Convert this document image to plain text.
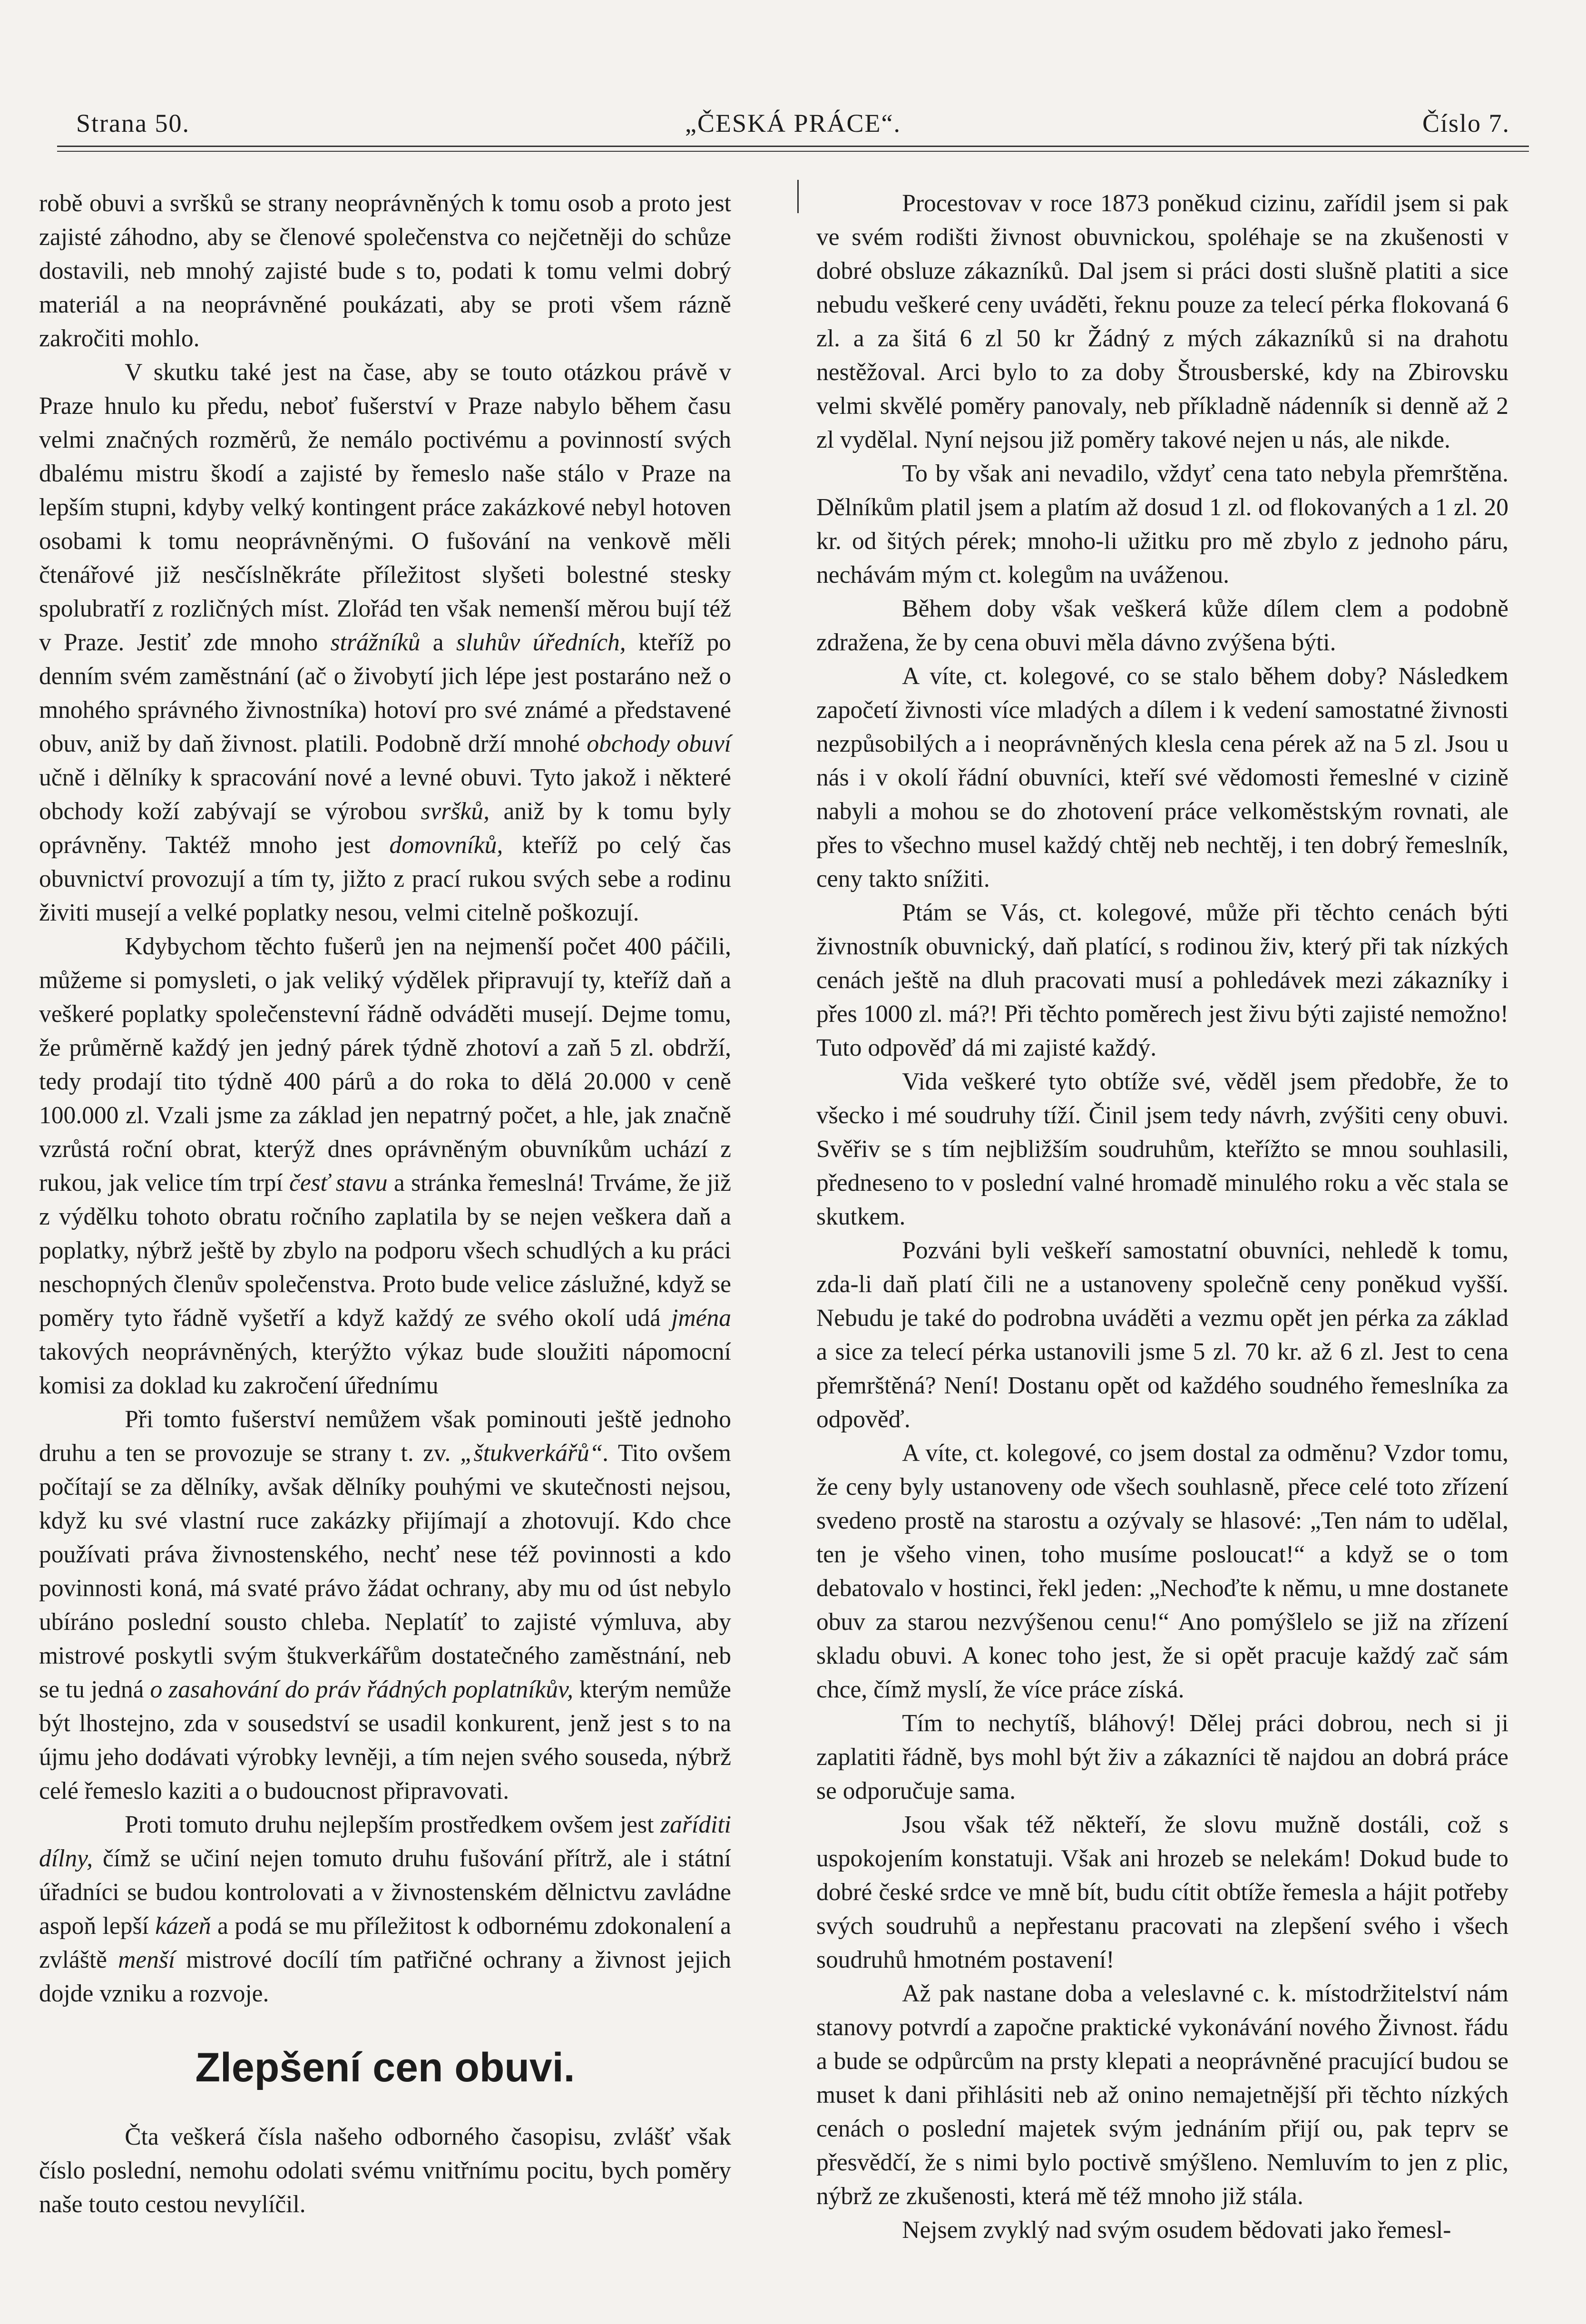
Strana 50.	„ČESKÁ PRÁCE“.	Číslo 7.

robě obuvi a svršků se strany neoprávněných k tomu osob a proto jest zajisté záhodno, aby se členové společenstva co nejčetněji do schůze dostavili, neb mnohý zajisté bude s to, podati k tomu velmi dobrý materiál a na neoprávněné poukázati, aby se proti všem rázně zakročiti mohlo.

V skutku také jest na čase, aby se touto otázkou právě v Praze hnulo ku předu, neboť fušerství v Praze nabylo během času velmi značných rozměrů, že nemálo poctivému a povinností svých dbalému mistru škodí a zajisté by řemeslo naše stálo v Praze na lepším stupni, kdyby velký kontingent práce zakázkové nebyl hotoven osobami k tomu neoprávněnými. O fušování na venkově měli čtenářové již nesčíslněkráte příležitost slyšeti bolestné stesky spolubratří z rozličných míst. Zlořád ten však nemenší měrou bují též v Praze. Jestiť zde mnoho strážníků a sluhův úředních, kteříž po denním svém zaměstnání (ač o živobytí jich lépe jest postaráno než o mnohého správného živnostníka) hotoví pro své známé a představené obuv, aniž by daň živnost. platili. Podobně drží mnohé obchody obuví učně i dělníky k spracování nové a levné obuvi. Tyto jakož i některé obchody koží zabývají se výrobou svršků, aniž by k tomu byly oprávněny. Taktéž mnoho jest domovníků, kteříž po celý čas obuvnictví provozují a tím ty, jižto z prací rukou svých sebe a rodinu živiti musejí a velké poplatky nesou, velmi citelně poškozují.

Kdybychom těchto fušerů jen na nejmenší počet 400 páčili, můžeme si pomysleti, o jak veliký výdělek připravují ty, kteříž daň a veškeré poplatky společenstevní řádně odváděti musejí. Dejme tomu, že průměrně každý jen jedný párek týdně zhotoví a zaň 5 zl. obdrží, tedy prodají tito týdně 400 párů a do roka to dělá 20.000 v ceně 100.000 zl. Vzali jsme za základ jen nepatrný počet, a hle, jak značně vzrůstá roční obrat, kterýž dnes oprávněným obuvníkům uchází z rukou, jak velice tím trpí česť stavu a stránka řemeslná! Trváme, že již z výdělku tohoto obratu ročního zaplatila by se nejen veškera daň a poplatky, nýbrž ještě by zbylo na podporu všech schudlých a ku práci neschopných členův společenstva. Proto bude velice záslužné, když se poměry tyto řádně vyšetří a když každý ze svého okolí udá jména takových neoprávněných, kterýžto výkaz bude sloužiti nápomocní komisi za doklad ku zakročení úřednímu

Při tomto fušerství nemůžem však pominouti ještě jednoho druhu a ten se provozuje se strany t. zv. „štukverkářů“. Tito ovšem počítají se za dělníky, avšak dělníky pouhými ve skutečnosti nejsou, když ku své vlastní ruce zakázky přijímají a zhotovují. Kdo chce používati práva živnostenského, nechť nese též povinnosti a kdo povinnosti koná, má svaté právo žádat ochrany, aby mu od úst nebylo ubíráno poslední sousto chleba. Neplatíť to zajisté výmluva, aby mistrové poskytli svým štukverkářům dostatečného zaměstnání, neb se tu jedná o zasahování do práv řádných poplatníkův, kterým nemůže být lhostejno, zda v sousedství se usadil konkurent, jenž jest s to na újmu jeho dodávati výrobky levněji, a tím nejen svého souseda, nýbrž celé řemeslo kaziti a o budoucnost připravovati.

Proti tomuto druhu nejlepším prostředkem ovšem jest zaříditi dílny, čímž se učiní nejen tomuto druhu fušování přítrž, ale i státní úřadníci se budou kontrolovati a v živnostenském dělnictvu zavládne aspoň lepší kázeň a podá se mu příležitost k odbornému zdokonalení a zvláště menší mistrové docílí tím patřičné ochrany a živnost jejich dojde vzniku a rozvoje.

Zlepšení cen obuvi.

Čta veškerá čísla našeho odborného časopisu, zvlášť však číslo poslední, nemohu odolati svému vnitřnímu pocitu, bych poměry naše touto cestou nevylíčil.

Procestovav v roce 1873 poněkud cizinu, zařídil jsem si pak ve svém rodišti živnost obuvnickou, spoléhaje se na zkušenosti v dobré obsluze zákazníků. Dal jsem si práci dosti slušně platiti a sice nebudu veškeré ceny uváděti, řeknu pouze za telecí pérka flokovaná 6 zl. a za šitá 6 zl 50 kr Žádný z mých zákazníků si na drahotu nestěžoval. Arci bylo to za doby Štrousberské, kdy na Zbirovsku velmi skvělé poměry panovaly, neb příkladně nádenník si denně až 2 zl vydělal. Nyní nejsou již poměry takové nejen u nás, ale nikde.

To by však ani nevadilo, vždyť cena tato nebyla přemrštěna. Dělníkům platil jsem a platím až dosud 1 zl. od flokovaných a 1 zl. 20 kr. od šitých pérek; mnoho-li užitku pro mě zbylo z jednoho páru, nechávám mým ct. kolegům na uváženou.

Během doby však veškerá kůže dílem clem a podobně zdražena, že by cena obuvi měla dávno zvýšena býti.

A víte, ct. kolegové, co se stalo během doby? Následkem započetí živnosti více mladých a dílem i k vedení samostatné živnosti nezpůsobilých a i neoprávněných klesla cena pérek až na 5 zl. Jsou u nás i v okolí řádní obuvníci, kteří své vědomosti řemeslné v cizině nabyli a mohou se do zhotovení práce velkoměstským rovnati, ale přes to všechno musel každý chtěj neb nechtěj, i ten dobrý řemeslník, ceny takto snížiti.

Ptám se Vás, ct. kolegové, může při těchto cenách býti živnostník obuvnický, daň platící, s rodinou živ, který při tak nízkých cenách ještě na dluh pracovati musí a pohledávek mezi zákazníky i přes 1000 zl. má?! Při těchto poměrech jest živu býti zajisté nemožno! Tuto odpověď dá mi zajisté každý.

Vida veškeré tyto obtíže své, věděl jsem předobře, že to všecko i mé soudruhy tíží. Činil jsem tedy návrh, zvýšiti ceny obuvi. Svěřiv se s tím nejbližším soudruhům, kteřížto se mnou souhlasili, předneseno to v poslední valné hromadě minulého roku a věc stala se skutkem.

Pozváni byli veškeří samostatní obuvníci, nehledě k tomu, zda-li daň platí čili ne a ustanoveny společně ceny poněkud vyšší. Nebudu je také do podrobna uváděti a vezmu opět jen pérka za základ a sice za telecí pérka ustanovili jsme 5 zl. 70 kr. až 6 zl. Jest to cena přemrštěná? Není! Dostanu opět od každého soudného řemeslníka za odpověď.

A víte, ct. kolegové, co jsem dostal za odměnu? Vzdor tomu, že ceny byly ustanoveny ode všech souhlasně, přece celé toto zřízení svedeno prostě na starostu a ozývaly se hlasové: „Ten nám to udělal, ten je všeho vinen, toho musíme posloucat!“ a když se o tom debatovalo v hostinci, řekl jeden: „Nechoďte k němu, u mne dostanete obuv za starou nezvýšenou cenu!“ Ano pomýšlelo se již na zřízení skladu obuvi. A konec toho jest, že si opět pracuje každý zač sám chce, čímž myslí, že více práce získá.

Tím to nechytíš, bláhový! Dělej práci dobrou, nech si ji zaplatiti řádně, bys mohl být živ a zákazníci tě najdou an dobrá práce se odporučuje sama.

Jsou však též někteří, že slovu mužně dostáli, což s uspokojením konstatuji. Však ani hrozeb se nelekám! Dokud bude to dobré české srdce ve mně bít, budu cítit obtíže řemesla a hájit potřeby svých soudruhů a nepřestanu pracovati na zlepšení svého i všech soudruhů hmotném postavení!

Až pak nastane doba a veleslavné c. k. místodržitelství nám stanovy potvrdí a započne praktické vykonávání nového Živnost. řádu a bude se odpůrcům na prsty klepati a neoprávněné pracující budou se muset k dani přihlásiti neb až onino nemajetnější při těchto nízkých cenách o poslední majetek svým jednáním přijí ou, pak teprv se přesvědčí, že s nimi bylo poctivě smýšleno. Nemluvím to jen z plic, nýbrž ze zkušenosti, která mě též mnoho již stála.

Nejsem zvyklý nad svým osudem bědovati jako řemesl-
